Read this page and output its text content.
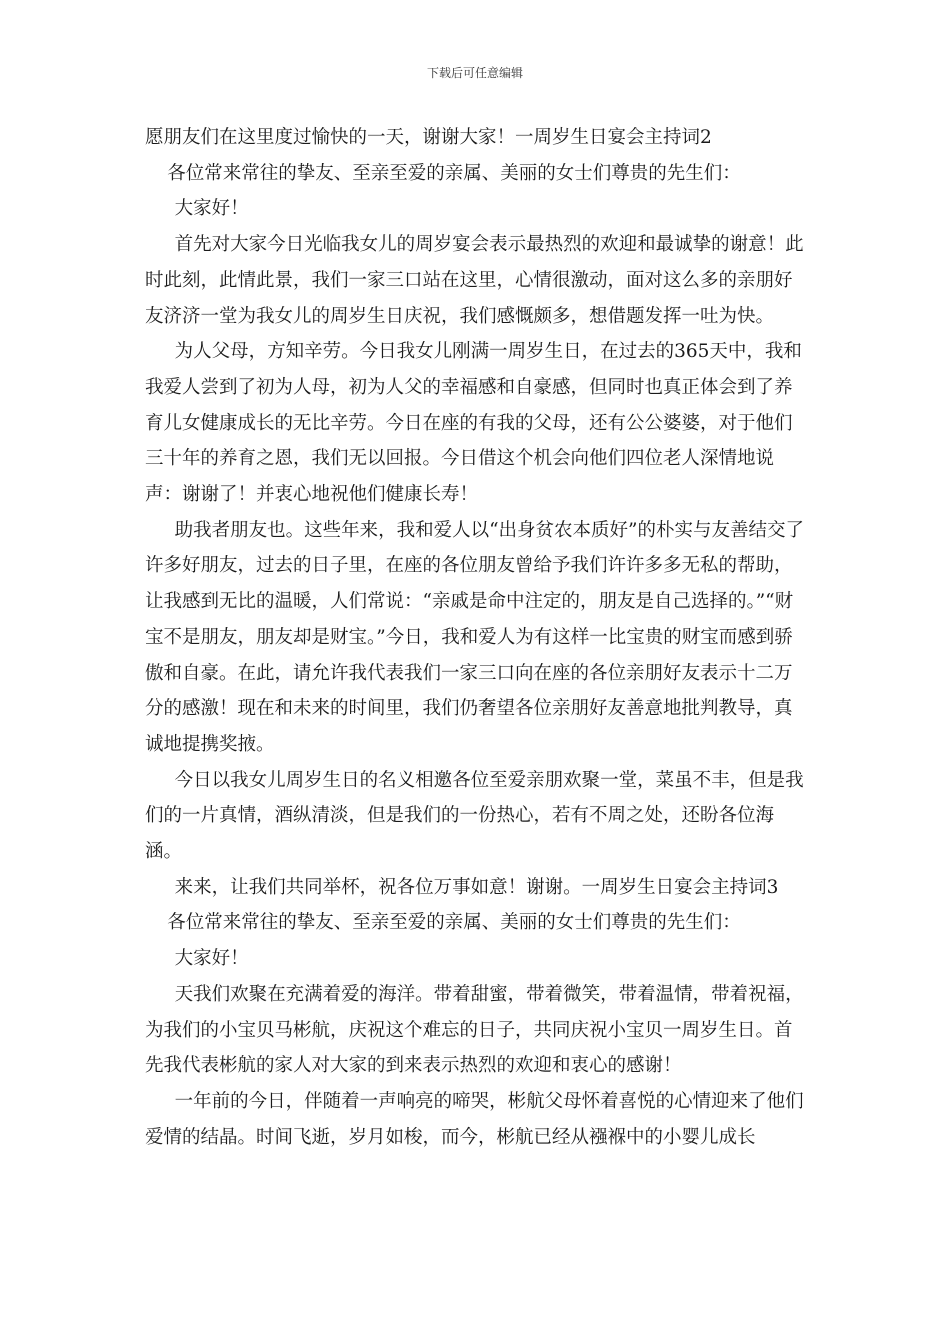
下载后可任意编辑

愿朋友们在这里度过愉快的一天，谢谢大家！一周岁生日宴会主持词2

各位常来常往的挚友、至亲至爱的亲属、美丽的女士们尊贵的先生们：

大家好！

首先对大家今日光临我女儿的周岁宴会表示最热烈的欢迎和最诚挚的谢意！此时此刻，此情此景，我们一家三口站在这里，心情很激动，面对这么多的亲朋好友济济一堂为我女儿的周岁生日庆祝，我们感慨颇多，想借题发挥一吐为快。

为人父母，方知辛劳。今日我女儿刚满一周岁生日，在过去的365天中，我和我爱人尝到了初为人母，初为人父的幸福感和自豪感，但同时也真正体会到了养育儿女健康成长的无比辛劳。今日在座的有我的父母，还有公公婆婆，对于他们三十年的养育之恩，我们无以回报。今日借这个机会向他们四位老人深情地说声：谢谢了！并衷心地祝他们健康长寿！

助我者朋友也。这些年来，我和爱人以“出身贫农本质好”的朴实与友善结交了许多好朋友，过去的日子里，在座的各位朋友曾给予我们许许多多无私的帮助，让我感到无比的温暖，人们常说：“亲戚是命中注定的，朋友是自己选择的。”“财宝不是朋友，朋友却是财宝。”今日，我和爱人为有这样一比宝贵的财宝而感到骄傲和自豪。在此，请允许我代表我们一家三口向在座的各位亲朋好友表示十二万分的感激！现在和未来的时间里，我们仍奢望各位亲朋好友善意地批判教导，真诚地提携奖掖。

今日以我女儿周岁生日的名义相邀各位至爱亲朋欢聚一堂，菜虽不丰，但是我们的一片真情，酒纵清淡，但是我们的一份热心，若有不周之处，还盼各位海涵。

来来，让我们共同举杯，祝各位万事如意！谢谢。一周岁生日宴会主持词3

各位常来常往的挚友、至亲至爱的亲属、美丽的女士们尊贵的先生们：

大家好！

天我们欢聚在充满着爱的海洋。带着甜蜜，带着微笑，带着温情，带着祝福，为我们的小宝贝马彬航，庆祝这个难忘的日子，共同庆祝小宝贝一周岁生日。首先我代表彬航的家人对大家的到来表示热烈的欢迎和衷心的感谢！

一年前的今日，伴随着一声响亮的啼哭，彬航父母怀着喜悦的心情迎来了他们爱情的结晶。时间飞逝，岁月如梭，而今，彬航已经从襁褓中的小婴儿成长
